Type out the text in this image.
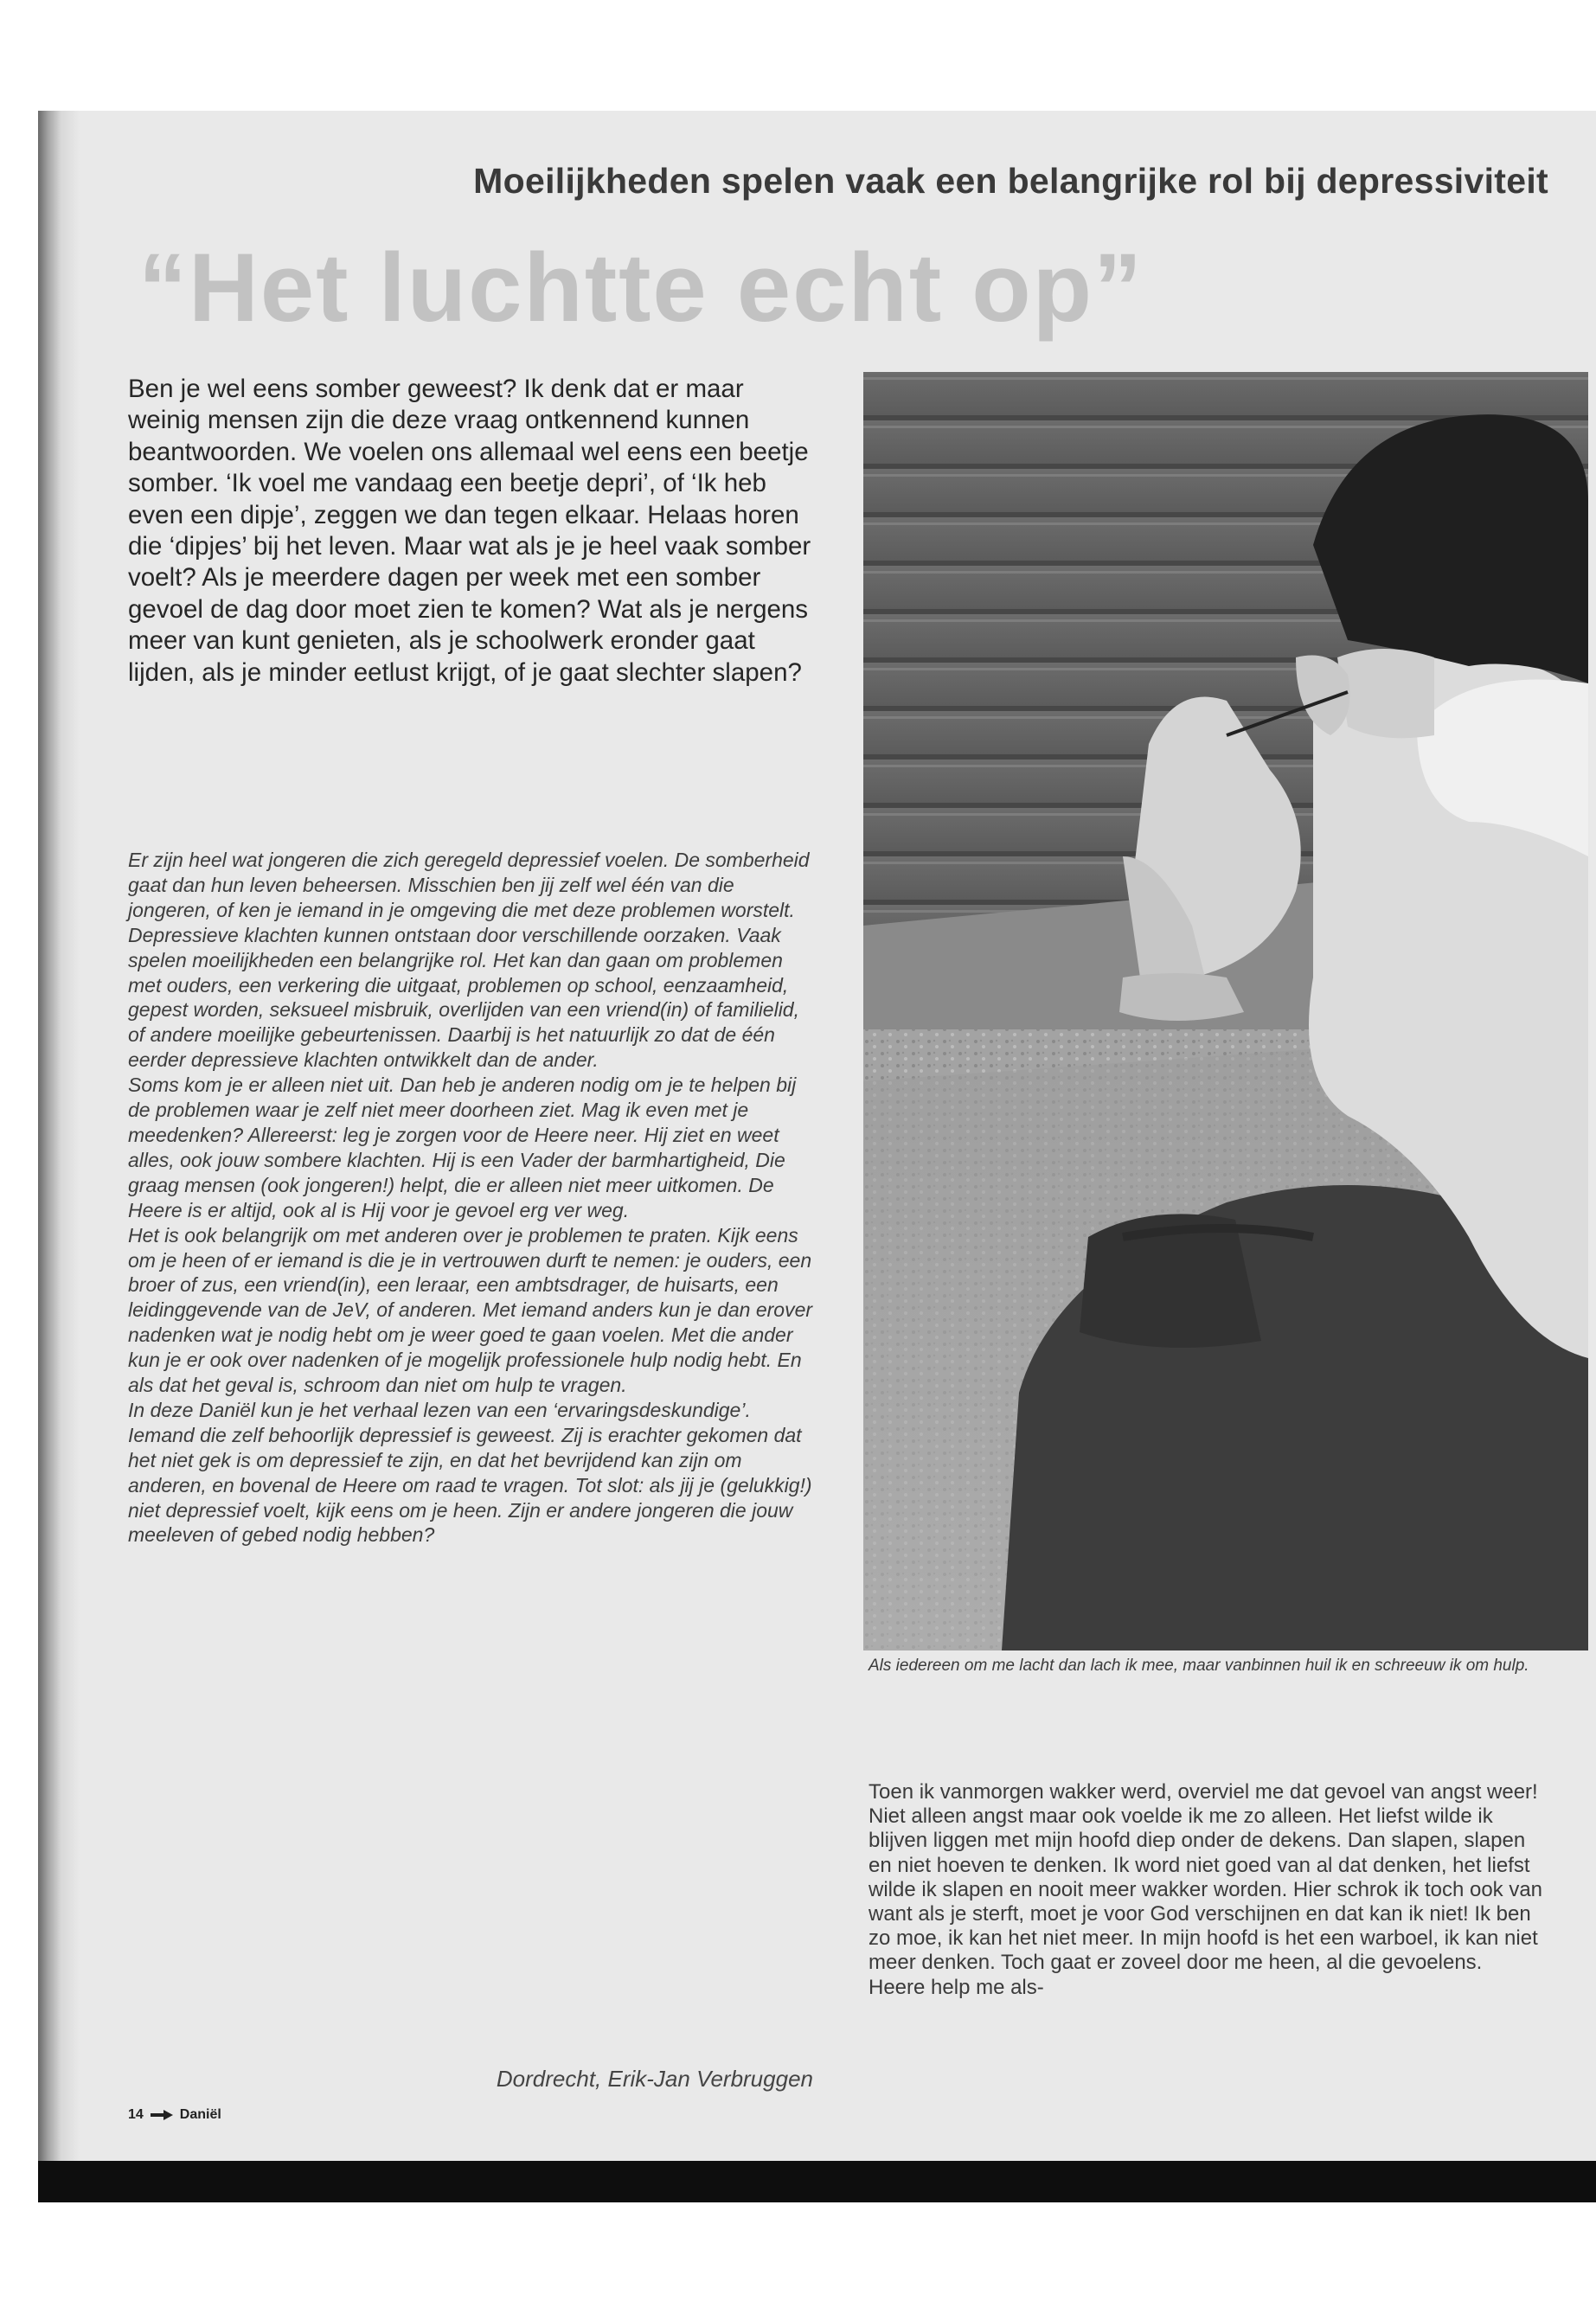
Moeilijkheden spelen vaak een belangrijke rol bij depressiviteit
“Het luchtte echt op”
Ben je wel eens somber geweest? Ik denk dat er maar weinig mensen zijn die deze vraag ontkennend kunnen beantwoorden. We voelen ons allemaal wel eens een beetje somber. ‘Ik voel me vandaag een beetje depri’, of ‘Ik heb even een dipje’, zeggen we dan tegen elkaar. Helaas horen die ‘dipjes’ bij het leven. Maar wat als je je heel vaak somber voelt? Als je meerdere dagen per week met een somber gevoel de dag door moet zien te komen? Wat als je nergens meer van kunt genieten, als je schoolwerk eronder gaat lijden, als je minder eetlust krijgt, of je gaat slechter slapen?

Er zijn heel wat jongeren die zich geregeld depressief voelen. De somberheid gaat dan hun leven beheersen. Misschien ben jij zelf wel één van die jongeren, of ken je iemand in je omgeving die met deze problemen worstelt. Depressieve klachten kunnen ontstaan door verschillende oorzaken. Vaak spelen moeilijkheden een belangrijke rol. Het kan dan gaan om problemen met ouders, een verkering die uitgaat, problemen op school, eenzaamheid, gepest worden, seksueel misbruik, overlijden van een vriend(in) of familielid, of andere moeilijke gebeurtenissen. Daarbij is het natuurlijk zo dat de één eerder depressieve klachten ontwikkelt dan de ander.

Soms kom je er alleen niet uit. Dan heb je anderen nodig om je te helpen bij de problemen waar je zelf niet meer doorheen ziet. Mag ik even met je meedenken? Allereerst: leg je zorgen voor de Heere neer. Hij ziet en weet alles, ook jouw sombere klachten. Hij is een Vader der barmhartigheid, Die graag mensen (ook jongeren!) helpt, die er alleen niet meer uitkomen. De Heere is er altijd, ook al is Hij voor je gevoel erg ver weg.

Het is ook belangrijk om met anderen over je problemen te praten. Kijk eens om je heen of er iemand is die je in vertrouwen durft te nemen: je ouders, een broer of zus, een vriend(in), een leraar, een ambtsdrager, de huisarts, een leidinggevende van de JeV, of anderen. Met iemand anders kun je dan erover nadenken wat je nodig hebt om je weer goed te gaan voelen. Met die ander kun je er ook over nadenken of je mogelijk professionele hulp nodig hebt. En als dat het geval is, schroom dan niet om hulp te vragen.

In deze Daniël kun je het verhaal lezen van een ‘ervaringsdeskundige’. Iemand die zelf behoorlijk depressief is geweest. Zij is erachter gekomen dat het niet gek is om depressief te zijn, en dat het bevrijdend kan zijn om anderen, en bovenal de Heere om raad te vragen. Tot slot: als jij je (gelukkig!) niet depressief voelt, kijk eens om je heen. Zijn er andere jongeren die jouw meeleven of gebed nodig hebben?

Dordrecht, Erik-Jan Verbruggen
14	Daniël
Als iedereen om me lacht dan lach ik mee, maar vanbinnen huil ik en schreeuw ik om hulp.
Toen ik vanmorgen wakker werd, overviel me dat gevoel van angst weer! Niet alleen angst maar ook voelde ik me zo alleen. Het liefst wilde ik blijven liggen met mijn hoofd diep onder de dekens. Dan slapen, slapen en niet hoeven te denken. Ik word niet goed van al dat denken, het liefst wilde ik slapen en nooit meer wakker worden. Hier schrok ik toch ook van want als je sterft, moet je voor God verschijnen en dat kan ik niet! Ik ben zo moe, ik kan het niet meer. In mijn hoofd is het een warboel, ik kan niet meer denken. Toch gaat er zoveel door me heen, al die gevoelens. Heere help me als-
